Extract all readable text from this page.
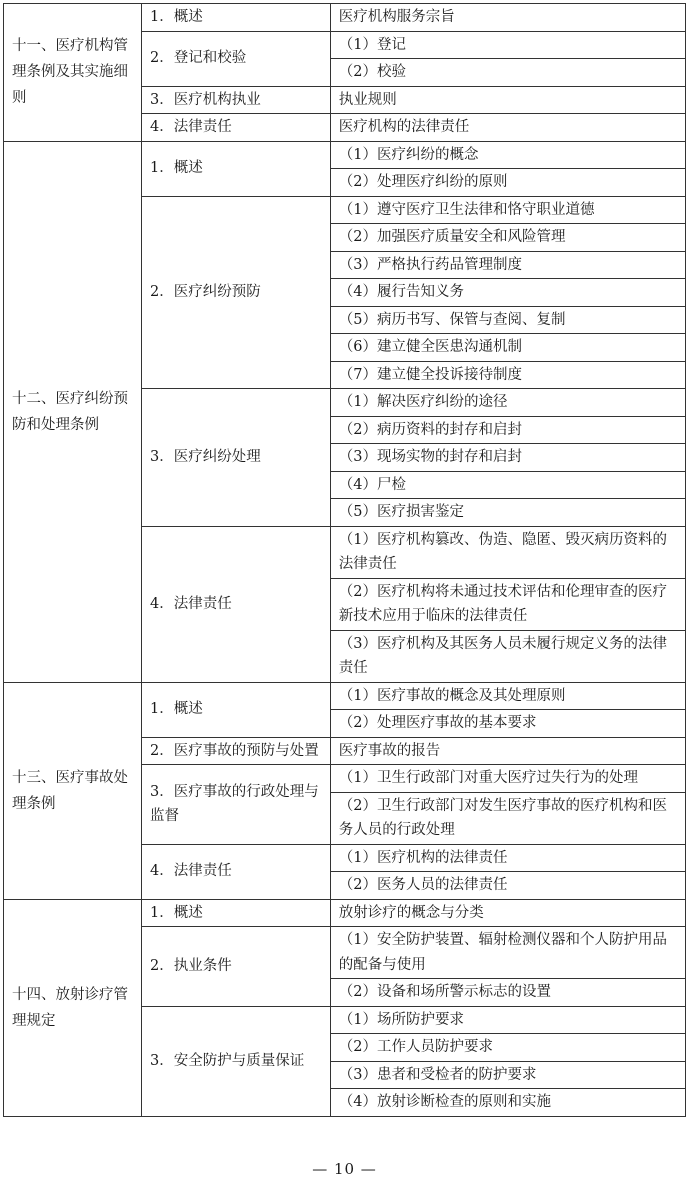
十一、医疗机构管理条例及其实施细则	1．概述	医疗机构服务宗旨
	2．登记和校验	（1）登记
		（2）校验
	3．医疗机构执业	执业规则
	4．法律责任	医疗机构的法律责任
十二、医疗纠纷预防和处理条例	1．概述	（1）医疗纠纷的概念
		（2）处理医疗纠纷的原则
	2．医疗纠纷预防	（1）遵守医疗卫生法律和恪守职业道德
		（2）加强医疗质量安全和风险管理
		（3）严格执行药品管理制度
		（4）履行告知义务
		（5）病历书写、保管与查阅、复制
		（6）建立健全医患沟通机制
		（7）建立健全投诉接待制度
	3．医疗纠纷处理	（1）解决医疗纠纷的途径
		（2）病历资料的封存和启封
		（3）现场实物的封存和启封
		（4）尸检
		（5）医疗损害鉴定
	4．法律责任	（1）医疗机构篡改、伪造、隐匿、毁灭病历资料的法律责任
		（2）医疗机构将未通过技术评估和伦理审查的医疗新技术应用于临床的法律责任
		（3）医疗机构及其医务人员未履行规定义务的法律责任
十三、医疗事故处理条例	1．概述	（1）医疗事故的概念及其处理原则
		（2）处理医疗事故的基本要求
	2．医疗事故的预防与处置	医疗事故的报告
	3．医疗事故的行政处理与监督	（1）卫生行政部门对重大医疗过失行为的处理
		（2）卫生行政部门对发生医疗事故的医疗机构和医务人员的行政处理
	4．法律责任	（1）医疗机构的法律责任
		（2）医务人员的法律责任
十四、放射诊疗管理规定	1．概述	放射诊疗的概念与分类
	2．执业条件	（1）安全防护装置、辐射检测仪器和个人防护用品的配备与使用
		（2）设备和场所警示标志的设置
	3．安全防护与质量保证	（1）场所防护要求
		（2）工作人员防护要求
		（3）患者和受检者的防护要求
		（4）放射诊断检查的原则和实施
— 10 —
